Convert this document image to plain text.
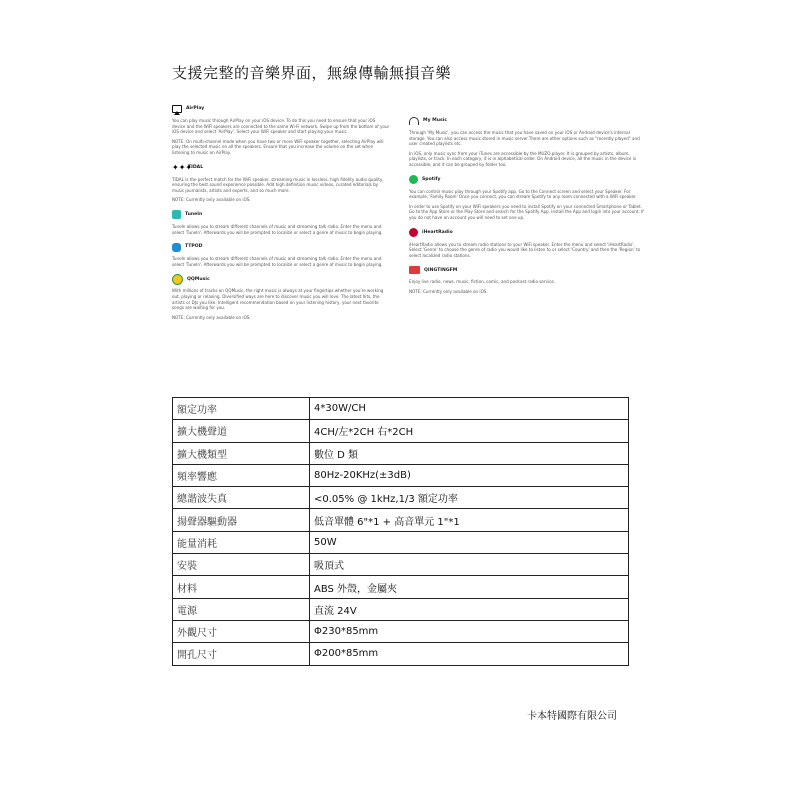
支援完整的音樂界面，無線傳輸無損音樂
AirPlay

You can play music through AirPlay on your iOS device. To do this you need to ensure that your iOS device and the WiFi speakers are connected to the same Wi-Fi network. Swipe up from the bottom of your iOS device and select 'AirPlay'. Select your WiFi speaker and start playing your music.

NOTE: On multi-channel mode when you have two or more WiFi speaker together, selecting AirPlay will play the selected music on all the speakers. Ensure that you increase the volume on the set when listening to music on AirPlay.

✦✦✦
TIDAL

TIDAL is the perfect match for the WiFi speaker, streaming music in lossless, high fidelity audio quality, ensuring the best sound experience possible. Add high definition music videos, curated editorials by music journalists, artists and experts, and so much more.

NOTE: Currently only available on iOS.

TuneIn

TuneIn allows you to stream different channels of music and streaming talk radio. Enter the menu and select 'TuneIn'. Afterwards you will be prompted to localize or select a genre of music to begin playing.

TTPOD

TuneIn allows you to stream different channels of music and streaming talk radio. Enter the menu and select 'TuneIn'. Afterwards you will be prompted to localize or select a genre of music to begin playing.

QQMusic

With millions of tracks on QQMusic, the right music is always at your fingertips whether you're working out, playing or relaxing. Diversified ways are here to discover music you will love. The latest hits, the artists or DJs you like. Intelligent recommendation based on your listening history, your next favorite songs are waiting for you.

NOTE: Currently only available on iOS.

My Music

Through 'My Music', you can access the music that you have saved on your iOS or Android device's internal storage. You can also access music stored in music server.There are other options such as "recently played" and user created playlists etc.

In iOS, only music sync from your iTunes are accessible by the MUZO player. It is grouped by artists, album, playlists, or track. In each category, it is in alphabetical order. On Android device, all the music in the device is accessible, and it can be grouped by folder too.

Spotify

You can control music play through your Spotify app. Go to the Connect screen and select your Speaker. For example, 'Family Room' Once you connect, you can stream Spotify to any room connected with a WiFi speaker.

In order to use Spotify on your WiFi speakers you need to install Spotify on your connected Smartphone or Tablet. Go to the App Store or the Play Store and search for the Spotify App. Install the App and login into your account. If you do not have an account you will need to set one up.

iHeartRadio

iHeartRadio allows you to stream radio stations to your WiFi speaker. Enter the menu and select 'iHeartRadio'. Select 'Genre' to choose the genre of radio you would like to listen to or select 'Country' and then the 'Region' to select localized radio stations.

QINGTINGFM

Enjoy live radio, news, music, fiction, comic, and podcast radio service.

NOTE: Currently only available on iOS.

額定功率	4*30W/CH
擴大機聲道	4CH/左*2CH 右*2CH
擴大機類型	數位 D 類
頻率響應	80Hz-20KHz(±3dB)
總諧波失真	<0.05% @ 1kHz,1/3 額定功率
揚聲器驅動器	低音單體 6"*1 + 高音單元 1"*1
能量消耗	50W
安裝	吸頂式
材料	ABS 外殼，金屬夾
電源	直流 24V
外觀尺寸	Φ230*85mm
開孔尺寸	Φ200*85mm
卡本特國際有限公司
